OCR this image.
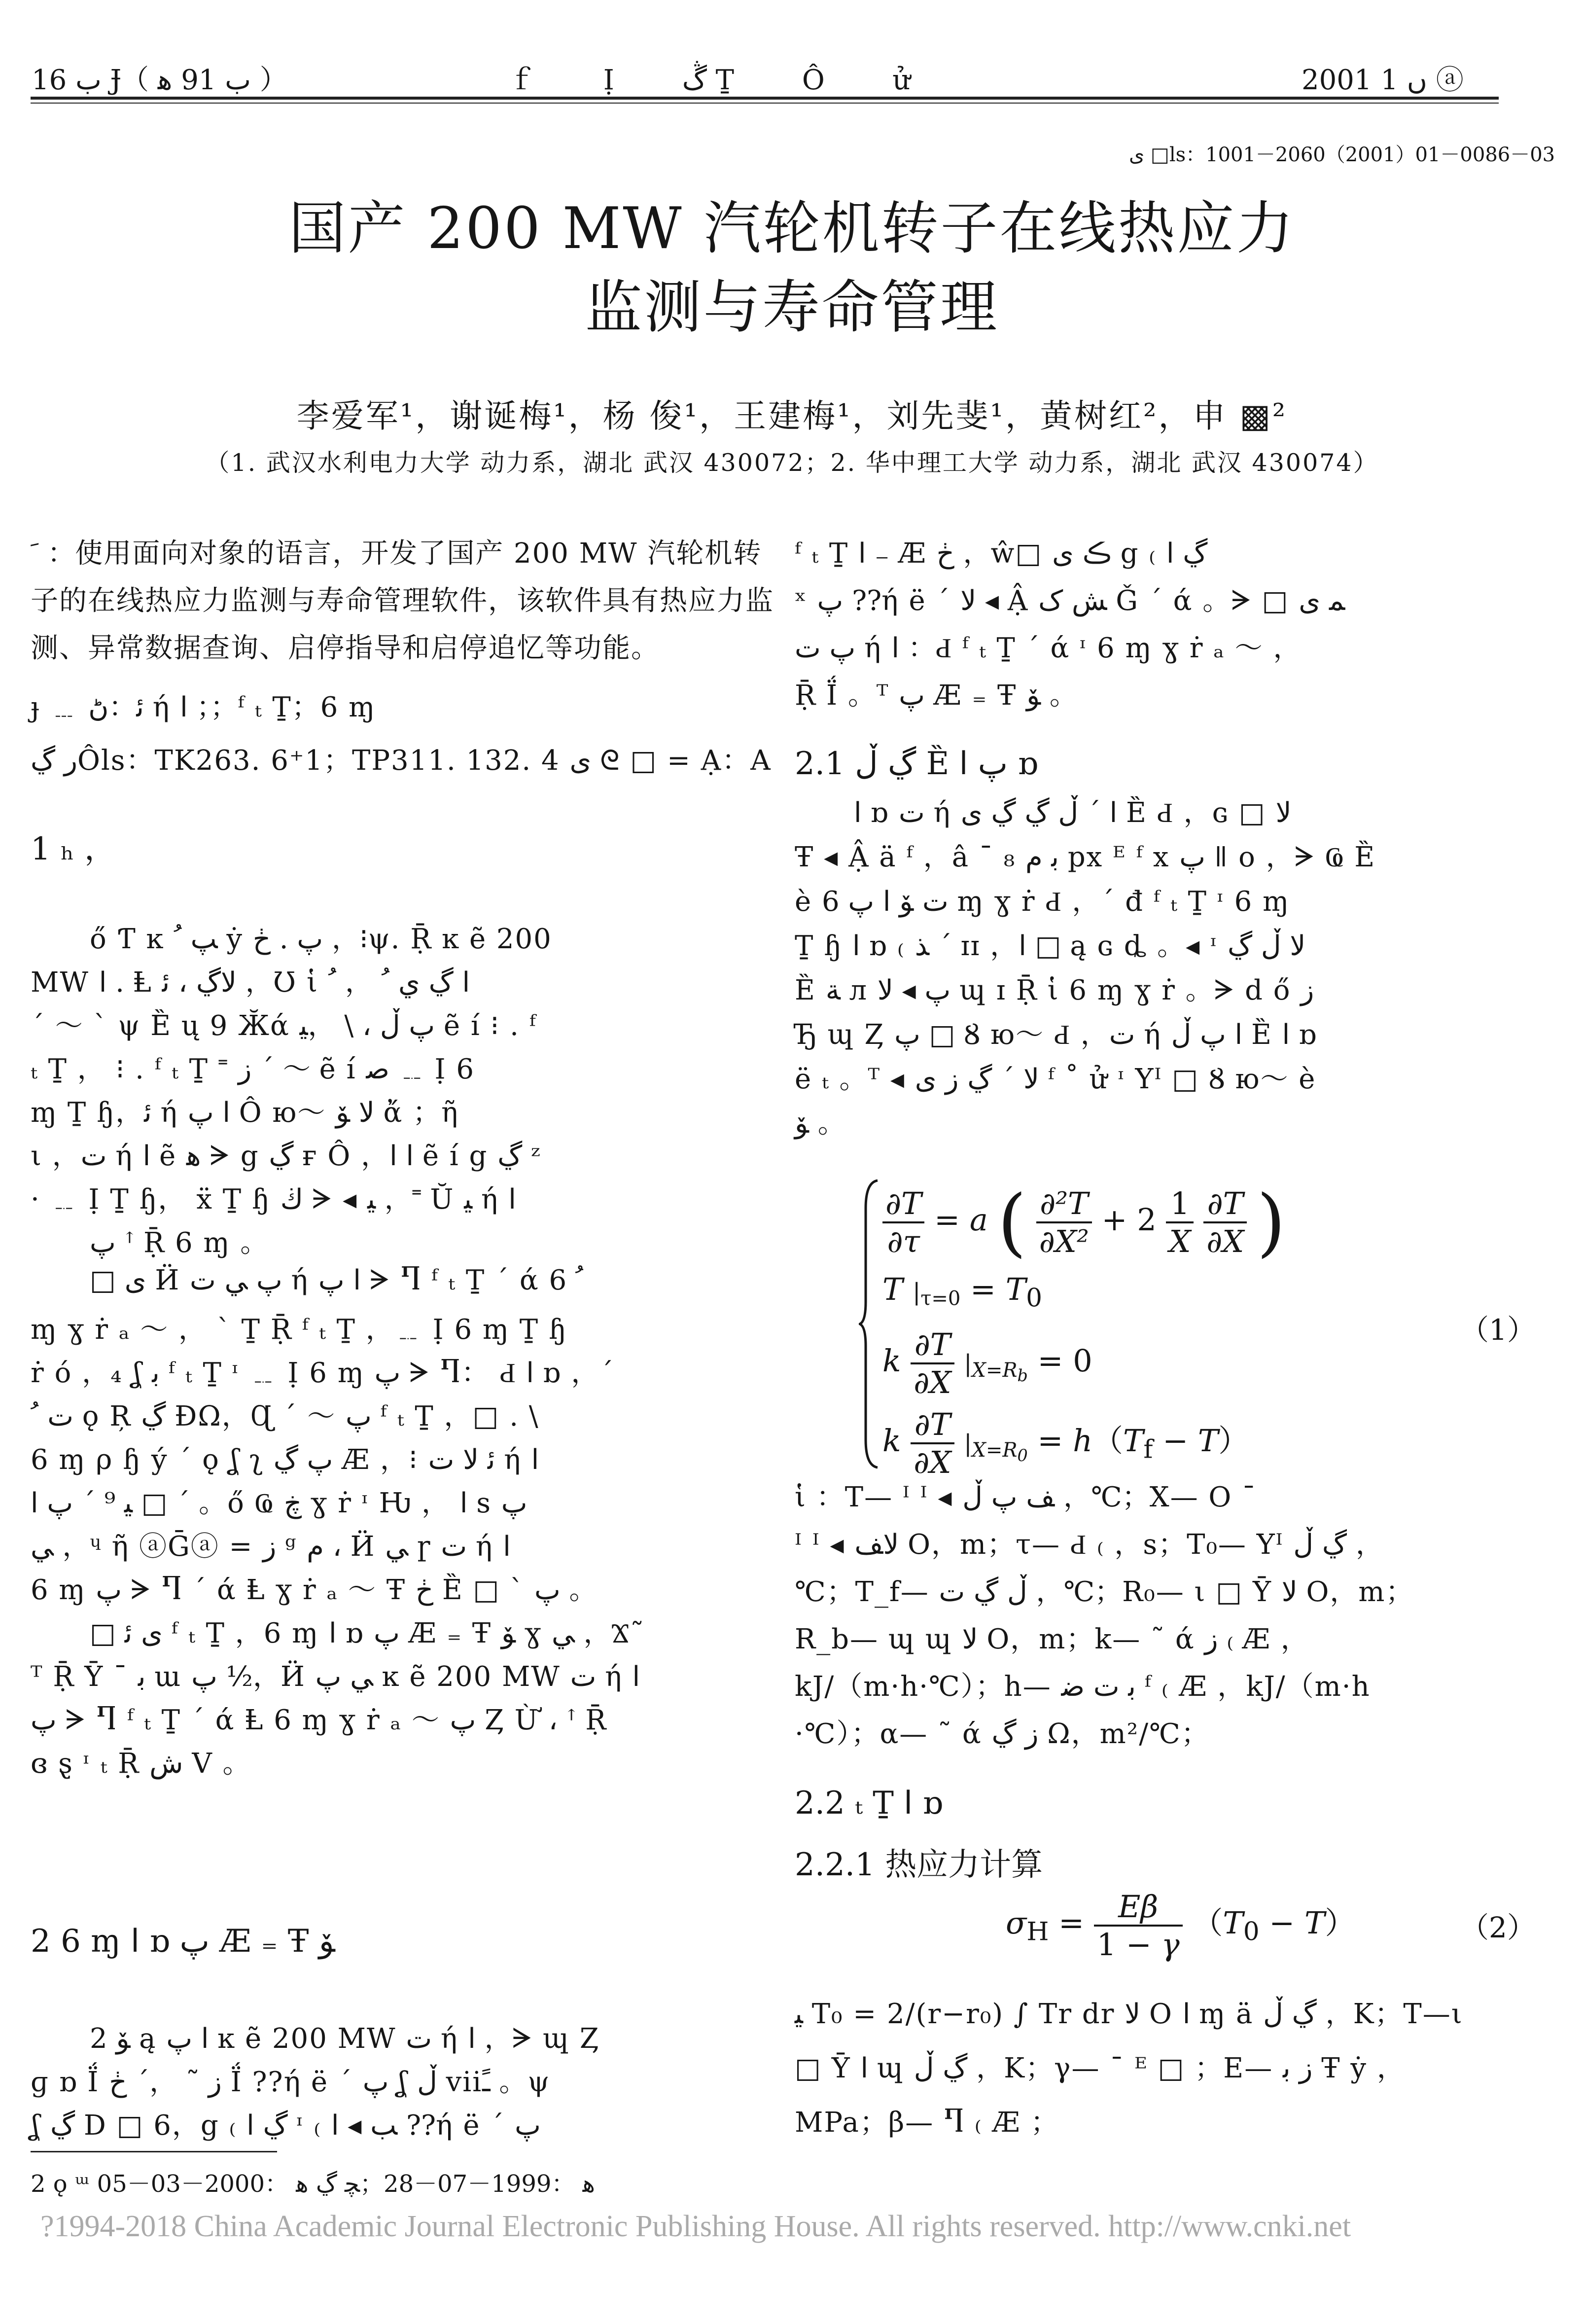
ب 16 Ɉ（ ب 91 ﻫ ）	ｆ Ị ڴ Ṯ Ô ử	2001 ں 1 ⓐ
ى □ls：1001－2060（2001）01－0086－03
国产 200 MW 汽轮机转子在线热应力
监测与寿命管理
李爱军¹，谢诞梅¹，杨 俊¹，王建梅¹，刘先斐¹，黄树红²，申 ▩²
（1. 武汉水利电力大学 动力系，湖北 武汉 430072；2. 华中理工大学 动力系，湖北 武汉 430074）
ﹶ ：使用面向对象的语言，开发了国产 200 MW 汽轮机转
子的在线热应力监测与寿命管理软件，该软件具有热应力监
测、异常数据查询、启停指导和启停追忆等功能。
ɟ ﹍ ﺋ：ڻ ή ﺍ ；；ᶠ ₜ Ṯ；6 ɱ
ﺭ ڲÔls：TK263. 6⁺1；TP311. 132. 4 ى ᘓ □ = Ạ：A
1 ₕ ，
ő Ƭ ĸ ﭗ ﹸ ẏ پ . ڂ ，⁝ψ. Ṝ ĸ ẽ 200
MW ﺍ . Ⱡ ﻻڲ ، ﺋ ，Ʊ ἱ ﺍ ڲ ي ﹸ ， ﹸ
ˊ ～ ˋ ψ Ȅ ų 9 Ӂά پ ڵ ، \ ，ﯿ ẽ í ⁝ . ᶠ
ₜ Ṯ ， ⁝ . ᶠ ₜ Ṯ ˭ ﺯ ˊ ～ ẽ í ﺻ ﹎ Ị 6
ɱ Ṯ ɧ，ﺋ ή ﺍ پ Ô ю～ ﻻ ﯚ ἄ ；ῆ
ι ，ﺕ ή ﺍ ẽ ﻫ ᗒ g ڲ ғ Ô ，ﺍ ﺍ ẽ í g ڲ ᶻ
· ﹎ Ị Ṯ ɧ， ẍ Ṯ ɧ ڬ ᗒ ◂ ﯿ ，˭ Ŭ ﯿ ή ﺍ
پ ꜛ Ṝ 6 ɱ 。
□ ى Ӥ پ ﻲ ﺕ ή ﺍ پ ᗒ Ⴄ ᶠ ₜ Ṯ ˊ ά ﹸ 6
ɱ ɣ ṙ ₐ ～ ， ˋ Ṯ Ṝ ᶠ ₜ Ṯ ，﹎ Ị 6 ɱ Ṯ ɧ
ṙ ó ，₄ ʆ ﺑ ᶠ ₜ Ṯ ᶦ ﹎ Ị 6 ɱ پ ᗒ Ⴄ： Ԁ ﺍ ɒ ，ˊ
ﺕ ﹸ ǫ Ŗ ڲ ÐΩ，Ɋ ˊ ～ پ ᶠ ₜ Ṯ ，□ . \
6 ɱ ρ ɧ ý ˊ ǫ ʆ ʅ پ ڲ Æ ，⁝ ﺋ ﻻ ﺕ ή ﺍ
ﯿ ⁹ ˊ پ ﺍ □ ˊ 。ő Ҩ ڿ ɣ ṙ ᶦ Ƕ ， ﺍ s پ
ﻲ ，ᶣ ῆ ⓐḠⓐ = ﺯ ᵍ ﻡ ، Ӥ ﻲ ɼ ﺕ ή ﺍ
6 ɱ پ ᗒ Ⴄ ˊ ά Ⱡ ɣ ṙ ₐ ～ Ŧ ڂ Ȅ □ ˋ پ 。
□ ى ﺋ ᶠ ₜ Ṯ ，6 ɱ ﺍ ɒ پ Æ ₌ Ŧ ﯚ ɣ ﻲ ，Ϫ˜
ᵀ Ṝ Ȳ ˉ ﺑ ɯ پ ½，Ӥ ﻲ پ ĸ ẽ 200 MW ﺕ ή ﺍ
پ ᗒ Ⴄ ᶠ ₜ Ṯ ˊ ά Ⱡ 6 ɱ ɣ ṙ ₐ ～ پ Ȥ Ừ ، ꜛ Ṝ
ɞ ȿ ᶦ ₜ Ṝ ﺵ V 。
2 6 ɱ ﺍ ɒ پ Æ ₌ Ŧ ﯚ
2 ﯚ ą ﺍ پ ĸ ẽ 200 MW ﺕ ή ﺍ ，ᗒ ɰ Ȥ
ɡ ɒ Ḯ ﺯ ˜ ，ˊ ڂ Ḯ ??ή ë ˊ پ ʆ ڵ viiﹱ 。ψ
ʆ ڲ D □ 6，g ₍ ڲ ﺍ ᶦ ₍ ﺐ ◂ ﺍ ??ή ë ˊ پ
ᶠ ₜ Ṯ ﺍ ₋ Æ ڂ ，ŵ□ ڪ ى g ₍ ڲ ﺍ
ˣ پ ??ή ë ˊ ﻻ ◂ Ậ ﺶ ﮎ Ǧ ˊ ά 。ᗒ □ ﻤ ى
پ ﺕ ή ﺍ ：Ԁ ᶠ ₜ Ṯ ˊ ά ᶦ 6 ɱ ɣ ṙ ₐ ～ ，
Ṝ Ḯ 。ᵀ پ Æ ₌ Ŧ ﯚ 。
2.1 ڲ ڵ Ȅ پ ﺍ ɒ
ﺍ ɒ ﺕ ή ﺍ ˊ ڵ ڲ ڲ ى Ȅ Ԁ ，ɢ □ ﻻ
Ŧ ◂ Ậ ä ᶠ ，â ˉ ₈ ﺑ ﻡ px ᴱ ᶠ x پ ǁ o ，ᗒ Ҩ Ȅ
è ﺕ ﯚ ﺍ پ 6 ɱ ɣ ṙ Ԁ ，ˊ đ ᶠ ₜ Ṯ ᶦ 6 ɱ
Ṯ ɧ ﺍ ɒ ₍ ﺬ ˊ ɪɪ ，ﺍ □ ą ɢ ȡ 。◂ ᶦ ﻻ ڵ ڲ
Ȅ ﺔ л پ ◂ ﻻ ɰ ɪ Ṝ ἱ 6 ɱ ɣ ṙ 。ᗒ d ő ﺯ
Ђ ɰ Ȥ پ □ Ȣ ю～ Ԁ ，ﺕ ή ﺍ پ ڵ Ȅ ﺍ ɒ
ë ₜ 。ᵀ ◂ ﻻ ˊ ڲ ﺯ ى ᶠ ˚ ử ᶦ Yᴵ □ Ȣ ю～ è
ﯚ 。
ἱ ：T— ᴵ ᴵ ◂ ﻒ پ ڵ ，℃；X— O ˉ
ᴵ ᴵ ◂ ﻻﻒ O，m；τ— Ԁ ₍ ，s；T₀— Yᴵ ڲ ڵ ，
℃；T_f— ڵ ڲ ﺕ ，℃；R₀— ι □ Ȳ ﻻ O，m；
R_b— ɰ ɰ ﻻ O，m；k— ˜ ά ﺯ ₍ Æ ，
kJ/（m·h·℃）；h— ﺑ ﺕ ﺿ ᶠ ₍ Æ ，kJ/（m·h
·℃）；α— ˜ ά ﺯ ڲ Ω，m²/℃；
2.2 ₜ Ṯ ﺍ ɒ
2.2.1 热应力计算
ﯿ T₀ = 2/(r−r₀) ∫ Tr dr ﻻ O ﺍ ɱ ä ڲ ڵ ，K；T—ι
□ Ȳ ﺍ ɰ ڲ ڵ ，K；γ— ˉ ᴱ □ ；E— ﺯ ﺑ Ŧ ẏ ，
MPa；β— Ⴄ ₍ Æ ；
$\frac{\partial T}{\partial\tau} = a$ ( $\frac{\text{∂²T}}{\text{∂X²}} + 2 \frac{1}{X}$
$\frac{\partial T}{\partial X}$ )
T $|_{\tau=0} = T_0$
k $\frac{\partial T}{\partial X} |_{X=R_b} = 0$
k $\frac{\partial T}{\partial X} |_{X=R_0} = h(T_f - T)$
（1）
$\sigma_H = \frac{E\beta}{1 - \gamma} (T_0 - T)$	（2）
2 ǫ ᵚ ﻫ ：1999－07－28；ﭽ ڲ ﻫ ：2000－03－05
?1994-2018 China Academic Journal Electronic Publishing House. All rights reserved. http://www.cnki.net
